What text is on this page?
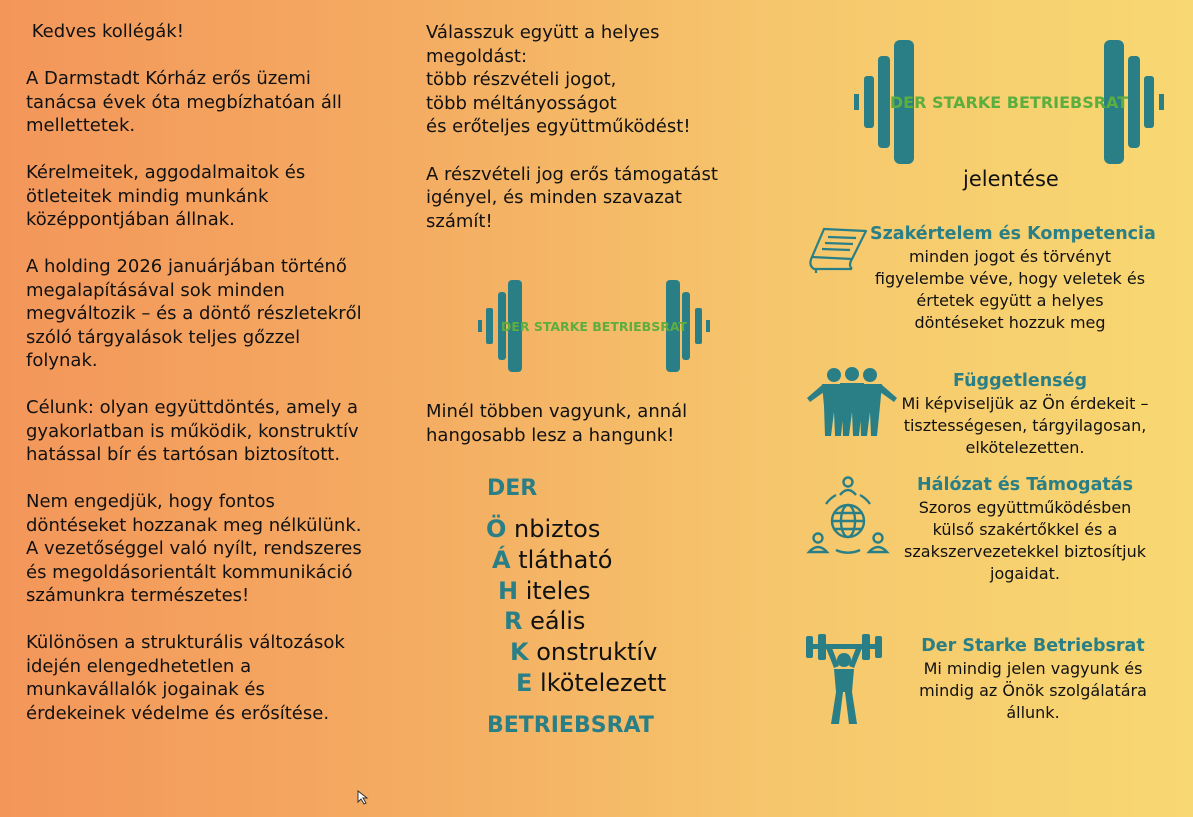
Kedves kollégák!

A Darmstadt Kórház erős üzemi
tanácsa évek óta megbízhatóan áll
mellettetek.

Kérelmeitek, aggodalmaitok és
ötleteitek mindig munkánk
középpontjában állnak.

A holding 2026 januárjában történő
megalapításával sok minden
megváltozik – és a döntő részletekről
szóló tárgyalások teljes gőzzel
folynak.

Célunk: olyan együttdöntés, amely a
gyakorlatban is működik, konstruktív
hatással bír és tartósan biztosított.

Nem engedjük, hogy fontos
döntéseket hozzanak meg nélkülünk.
A vezetőséggel való nyílt, rendszeres
és megoldásorientált kommunikáció
számunkra természetes!

Különösen a strukturális változások
idején elengedhetetlen a
munkavállalók jogainak és
érdekeinek védelme és erősítése.

Válasszuk együtt a helyes
megoldást:
több részvételi jogot,
több méltányosságot
és erőteljes együttműködést!

A részvételi jog erős támogatást
igényel, és minden szavazat
számít!

DER STARKE BETRIEBSRAT

Minél többen vagyunk, annál
hangosabb lesz a hangunk!

DER
Ö nbiztos
Á tlátható
H iteles
R eális
K onstruktív
E lkötelezett
BETRIEBSRAT
DER STARKE BETRIEBSRAT
jelentése
Szakértelem és Kompetencia
minden jogot és törvényt
figyelembe véve, hogy veletek és
értetek együtt a helyes
döntéseket hozzuk meg
Függetlenség
Mi képviseljük az Ön érdekeit –
tisztességesen, tárgyilagosan,
elkötelezetten.
Hálózat és Támogatás
Szoros együttműködésben
külső szakértőkkel és a
szakszervezetekkel biztosítjuk
jogaidat.
Der Starke Betriebsrat
Mi mindig jelen vagyunk és
mindig az Önök szolgálatára
állunk.
